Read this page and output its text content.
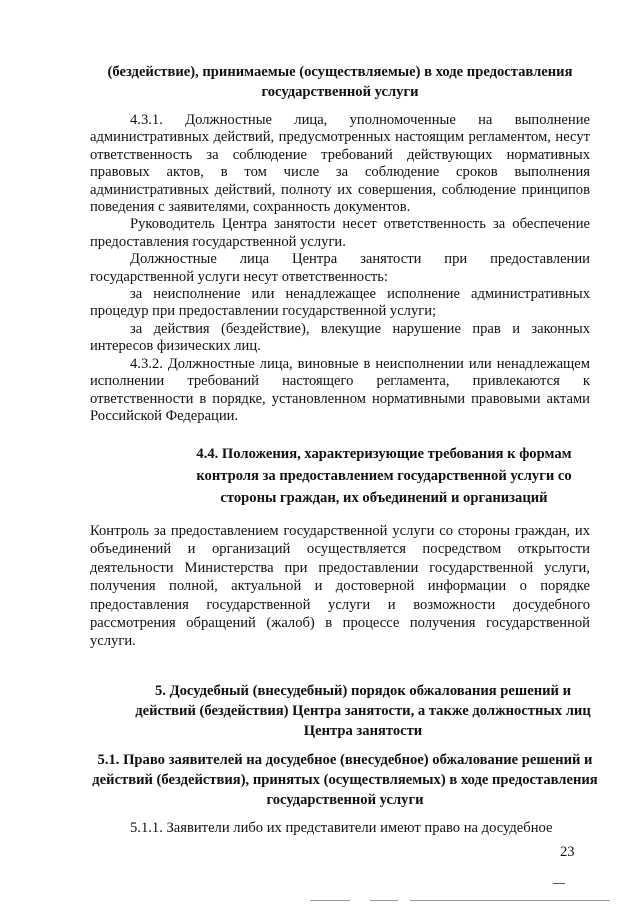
(бездействие), принимаемые (осуществляемые) в ходе предоставления государственной услуги

4.3.1. Должностные лица, уполномоченные на выполнение административных действий, предусмотренных настоящим регламентом, несут ответственность за соблюдение требований действующих нормативных правовых актов, в том числе за соблюдение сроков выполнения административных действий, полноту их совершения, соблюдение принципов поведения с заявителями, сохранность документов.

Руководитель Центра занятости несет ответственность за обеспечение предоставления государственной услуги.

Должностные лица Центра занятости при предоставлении государственной услуги несут ответственность:

за неисполнение или ненадлежащее исполнение административных процедур при предоставлении государственной услуги;

за действия (бездействие), влекущие нарушение прав и законных интересов физических лиц.

4.3.2. Должностные лица, виновные в неисполнении или ненадлежащем исполнении требований настоящего регламента, привлекаются к ответственности в порядке, установленном нормативными правовыми актами Российской Федерации.

4.4. Положения, характеризующие требования к формам контроля за предоставлением государственной услуги со стороны граждан, их объединений и организаций

Контроль за предоставлением государственной услуги со стороны граждан, их объединений и организаций осуществляется посредством открытости деятельности Министерства при предоставлении государственной услуги, получения полной, актуальной и достоверной информации о порядке предоставления государственной услуги и возможности досудебного рассмотрения обращений (жалоб) в процессе получения государственной услуги.

5. Досудебный (внесудебный) порядок обжалования решений и действий (бездействия) Центра занятости, а также должностных лиц Центра занятости

5.1. Право заявителей на досудебное (внесудебное) обжалование решений и действий (бездействия), принятых (осуществляемых) в ходе предоставления государственной услуги

5.1.1. Заявители либо их представители имеют право на досудебное

23
